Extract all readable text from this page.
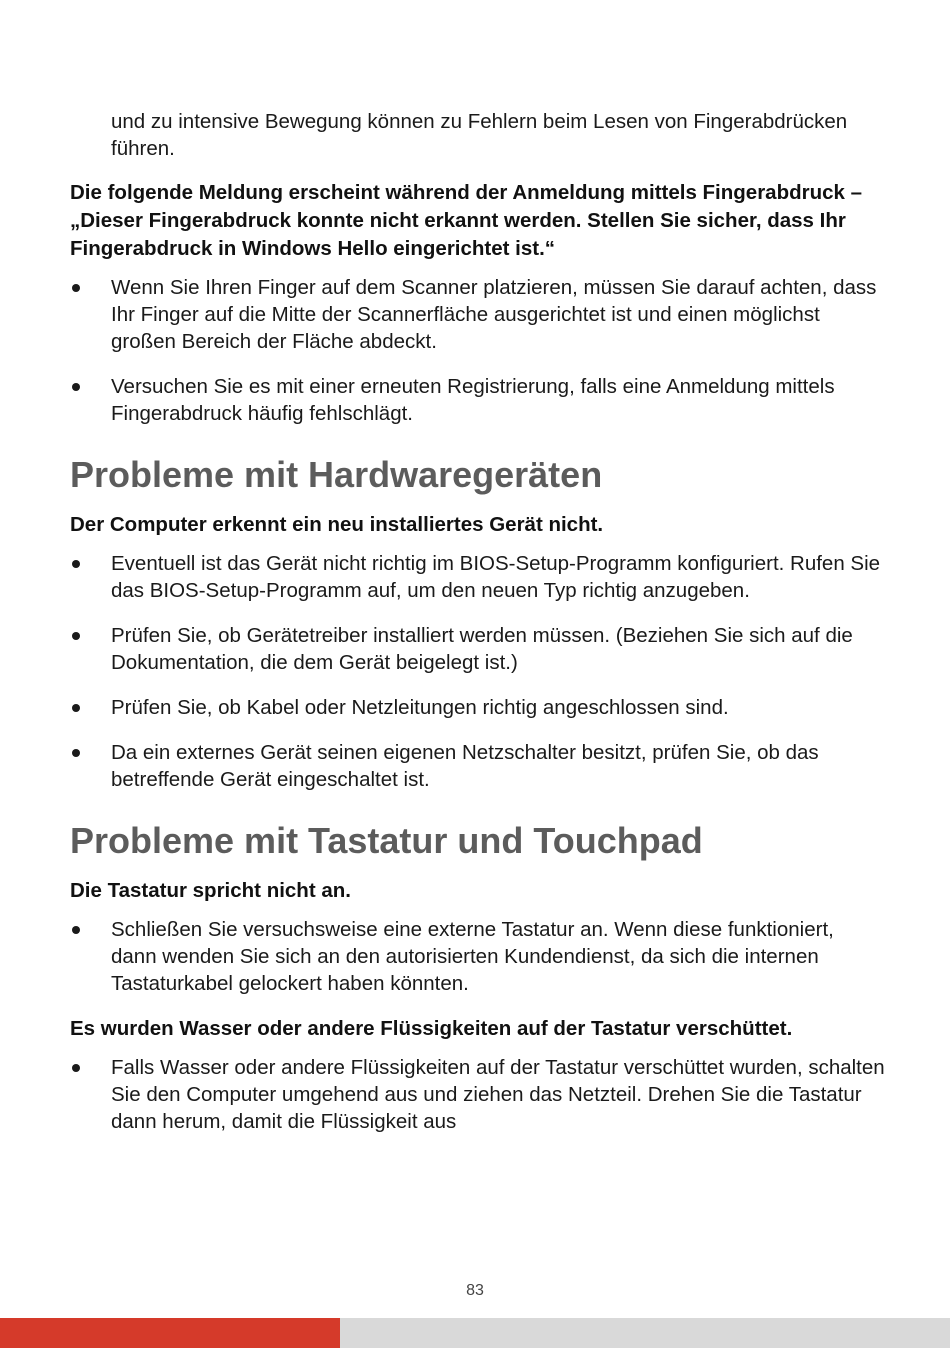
und zu intensive Bewegung können zu Fehlern beim Lesen von Fingerabdrücken führen.

Die folgende Meldung erscheint während der Anmeldung mittels Fingerabdruck – „Dieser Fingerabdruck konnte nicht erkannt werden. Stellen Sie sicher, dass Ihr Fingerabdruck in Windows Hello eingerichtet ist.“
Wenn Sie Ihren Finger auf dem Scanner platzieren, müssen Sie darauf achten, dass Ihr Finger auf die Mitte der Scannerfläche ausgerichtet ist und einen möglichst großen Bereich der Fläche abdeckt.
Versuchen Sie es mit einer erneuten Registrierung, falls eine Anmeldung mittels Fingerabdruck häufig fehlschlägt.
Probleme mit Hardwaregeräten
Der Computer erkennt ein neu installiertes Gerät nicht.
Eventuell ist das Gerät nicht richtig im BIOS-Setup-Programm konfiguriert. Rufen Sie das BIOS-Setup-Programm auf, um den neuen Typ richtig anzugeben.
Prüfen Sie, ob Gerätetreiber installiert werden müssen. (Beziehen Sie sich auf die Dokumentation, die dem Gerät beigelegt ist.)
Prüfen Sie, ob Kabel oder Netzleitungen richtig angeschlossen sind.
Da ein externes Gerät seinen eigenen Netzschalter besitzt, prüfen Sie, ob das betreffende Gerät eingeschaltet ist.
Probleme mit Tastatur und Touchpad
Die Tastatur spricht nicht an.
Schließen Sie versuchsweise eine externe Tastatur an. Wenn diese funktioniert, dann wenden Sie sich an den autorisierten Kundendienst, da sich die internen Tastaturkabel gelockert haben könnten.
Es wurden Wasser oder andere Flüssigkeiten auf der Tastatur verschüttet.
Falls Wasser oder andere Flüssigkeiten auf der Tastatur verschüttet wurden, schalten Sie den Computer umgehend aus und ziehen das Netzteil. Drehen Sie die Tastatur dann herum, damit die Flüssigkeit aus
83
